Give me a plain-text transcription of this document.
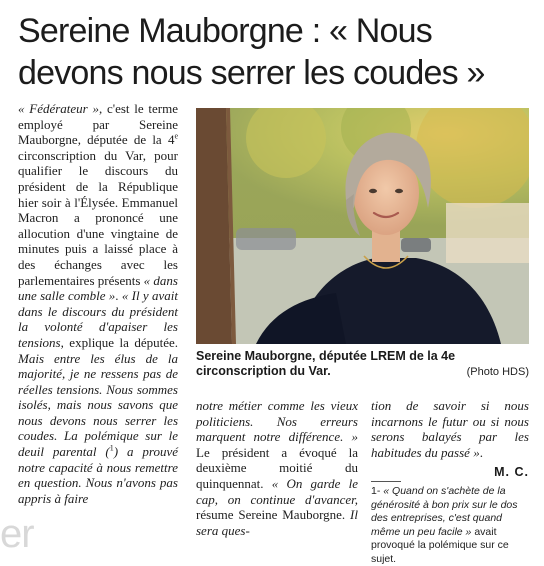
Sereine Mauborgne : « Nous devons nous serrer les coudes »

« Fédérateur », c'est le terme employé par Sereine Mauborgne, députée de la 4e circonscription du Var, pour qualifier le discours du président de la République hier soir à l'Élysée. Emmanuel Macron a prononcé une allocution d'une vingtaine de minutes puis a laissé place à des échanges avec les parlementaires présents « dans une salle comble ». « Il y avait dans le discours du président la volonté d'apaiser les tensions, explique la députée. Mais entre les élus de la majorité, je ne ressens pas de réelles tensions. Nous sommes isolés, mais nous savons que nous devons nous serrer les coudes. La polémique sur le deuil parental ($^1$) a prouvé notre capacité à nous remettre en question. Nous n'avons pas appris à faire

Sereine Mauborgne, députée LREM de la 4e circonscription du Var.	(Photo HDS)

notre métier comme les vieux politiciens. Nos erreurs marquent notre différence. » Le président a évoqué la deuxième moitié du quinquennat. « On garde le cap, on continue d'avancer, résume Sereine Mauborgne. Il sera ques-

tion de savoir si nous incarnons le futur ou si nous serons balayés par les habitudes du passé ».

M. C.
1- « Quand on s'achète de la générosité à bon prix sur le dos des entreprises, c'est quand même un peu facile » avait provoqué la polémique sur ce sujet.
er
